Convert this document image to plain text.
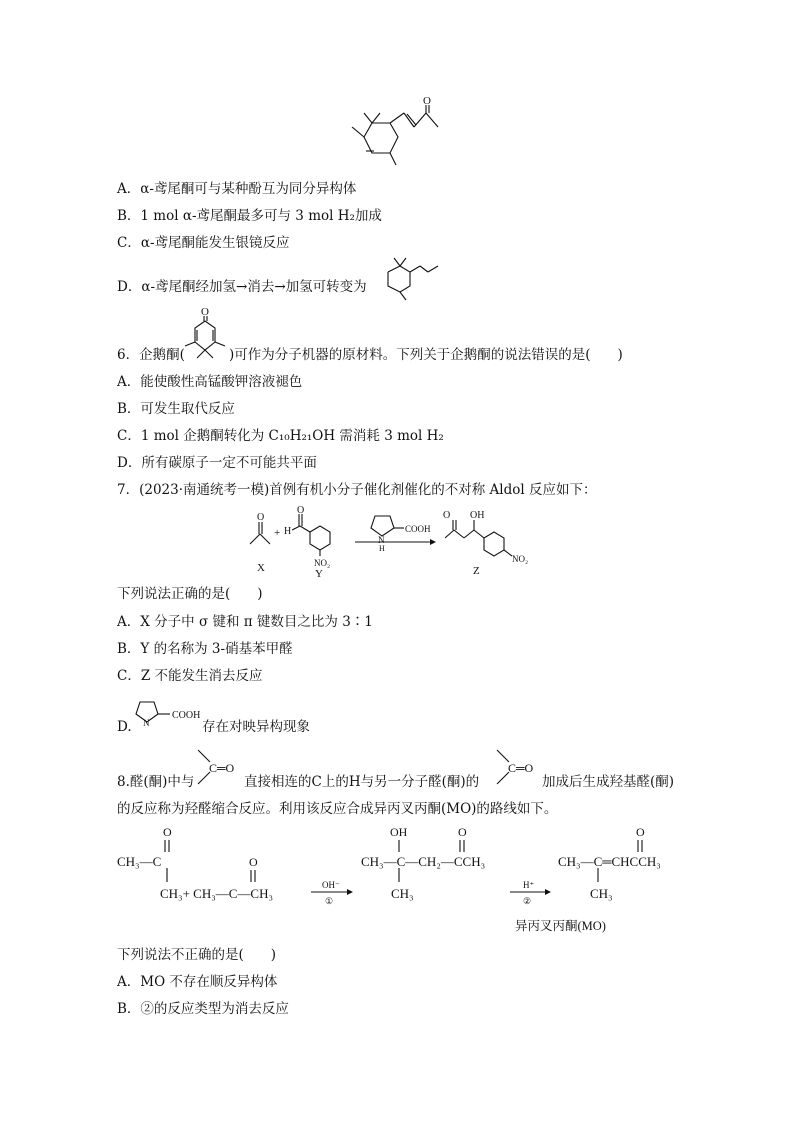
O
A．α-鸢尾酮可与某种酚互为同分异构体
B．1 mol α-鸢尾酮最多可与 3 mol H₂加成
C．α-鸢尾酮能发生银镜反应
D．α-鸢尾酮经加氢→消去→加氢可转变为
O
6．企鹅酮(	)可作为分子机器的原材料。下列关于企鹅酮的说法错误的是(　　)
A．能使酸性高锰酸钾溶液褪色
B．可发生取代反应
C．1 mol 企鹅酮转化为 C₁₀H₂₁OH 需消耗 3 mol H₂
D．所有碳原子一定不可能共平面
7．(2023·南通统考一模)首例有机小分子催化剂催化的不对称 Aldol 反应如下：
O
X
+ H
O
NO₂
Y
N
H
COOH
O OH
NO₂
Z
下列说法正确的是(　　)
A．X 分子中 σ 键和 π 键数目之比为 3∶1
B．Y 的名称为 3-硝基苯甲醛
C．Z 不能发生消去反应
N
COOH
D.	存在对映异构现象
8.醛(酮)中与
C═O
直接相连的C上的H与另一分子醛(酮)的
C═O
加成后生成羟基醛(酮)
的反应称为羟醛缩合反应。利用该反应合成异丙叉丙酮(MO)的路线如下。
O
CH₃—C
CH₃+ CH₃—C—CH₃
O
OH⁻
①
OH	O
CH₃—C—CH₂—CCH₃
CH₃
H⁺
②
O
CH₃—C═CHCCH₃
CH₃
异丙叉丙酮(MO)
下列说法不正确的是(　　)
A．MO 不存在顺反异构体
B．②的反应类型为消去反应
